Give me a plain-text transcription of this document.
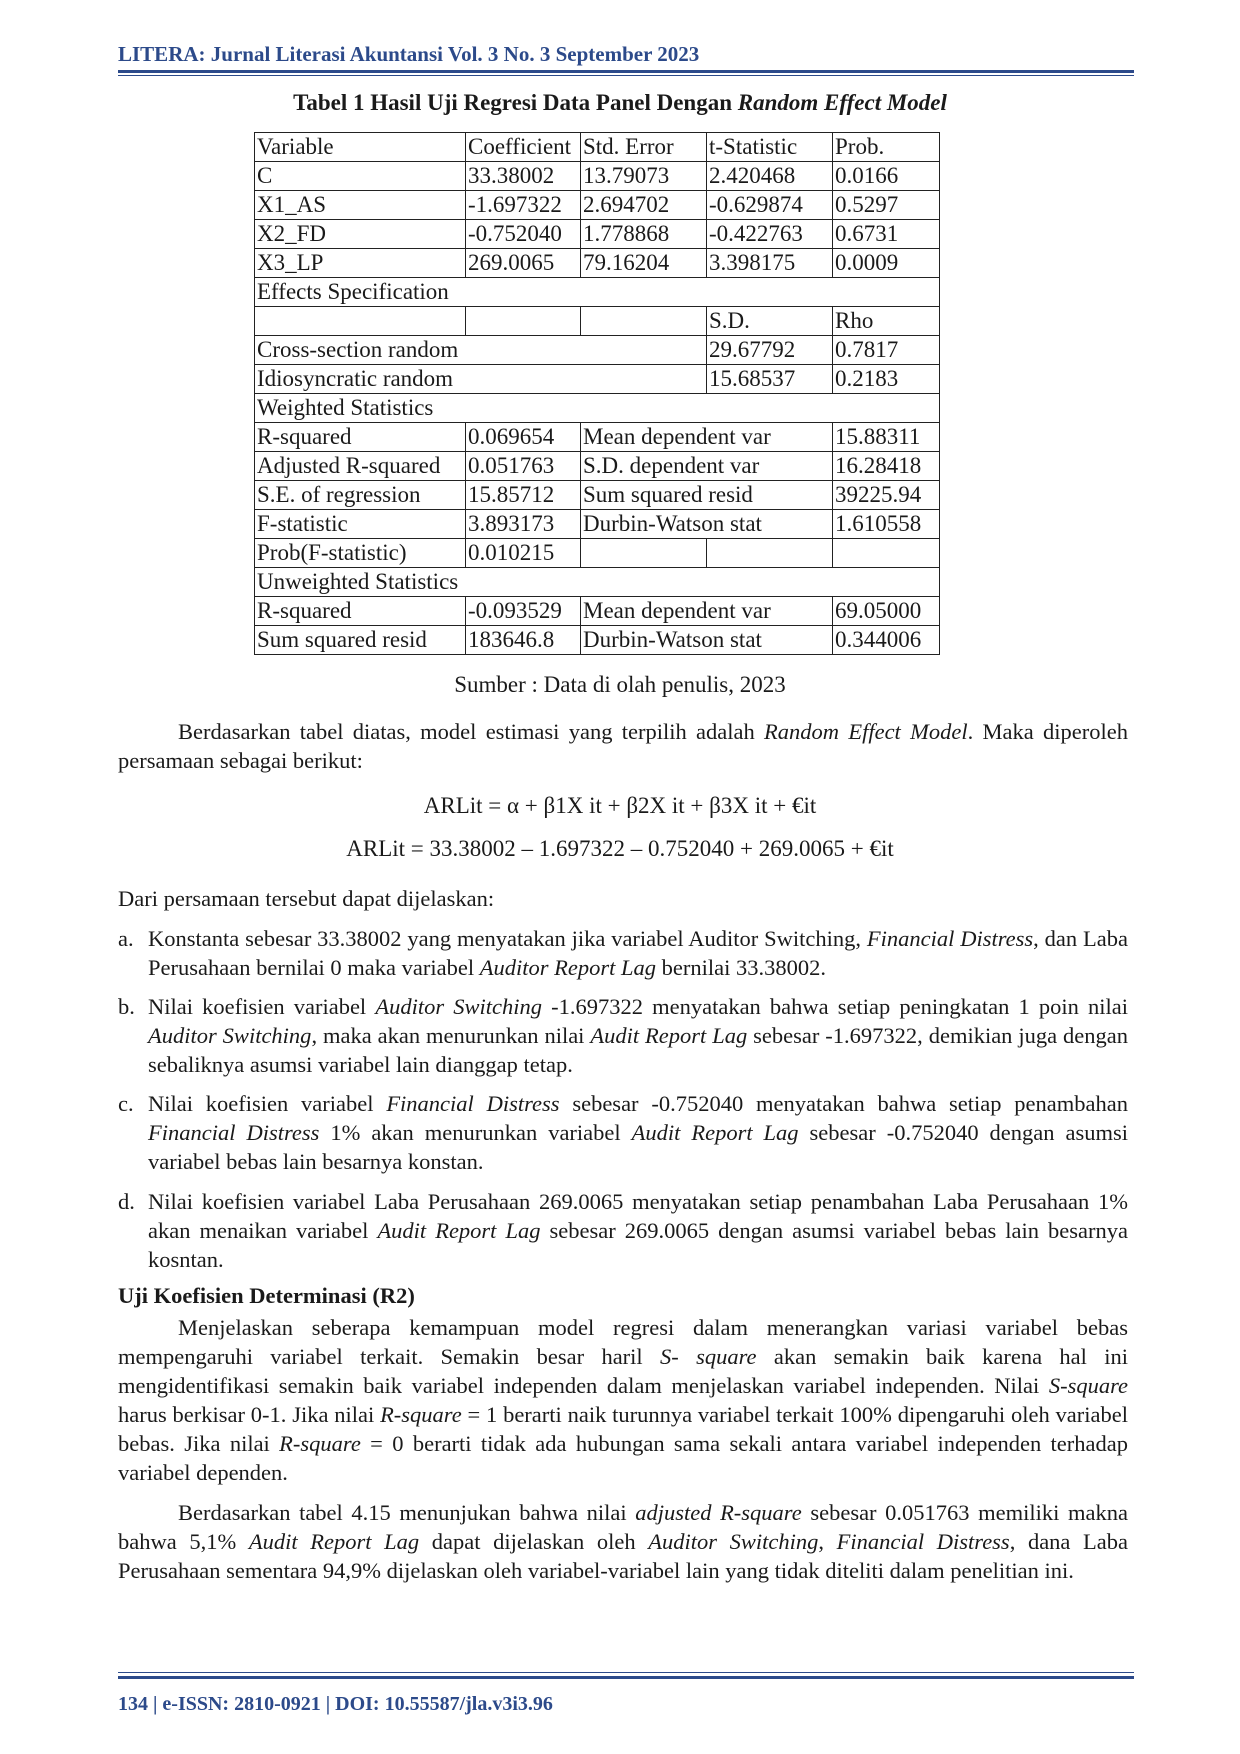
LITERA: Jurnal Literasi Akuntansi Vol. 3 No. 3 September 2023
Tabel 1 Hasil Uji Regresi Data Panel Dengan Random Effect Model
Variable	Coefficient	Std. Error	t-Statistic	Prob.
C	33.38002	13.79073	2.420468	0.0166
X1_AS	-1.697322	2.694702	-0.629874	0.5297
X2_FD	-0.752040	1.778868	-0.422763	0.6731
X3_LP	269.0065	79.16204	3.398175	0.0009
Effects Specification				
			S.D.	Rho
Cross-section random			29.67792	0.7817
Idiosyncratic random			15.68537	0.2183
Weighted Statistics				
R-squared	0.069654	Mean dependent var		15.88311
Adjusted R-squared	0.051763	S.D. dependent var		16.28418
S.E. of regression	15.85712	Sum squared resid		39225.94
F-statistic	3.893173	Durbin-Watson stat		1.610558
Prob(F-statistic)	0.010215			
Unweighted Statistics				
R-squared	-0.093529	Mean dependent var		69.05000
Sum squared resid	183646.8	Durbin-Watson stat		0.344006
Sumber : Data di olah penulis, 2023
Berdasarkan tabel diatas, model estimasi yang terpilih adalah Random Effect Model. Maka diperoleh persamaan sebagai berikut:
ARLit = α + β1X it + β2X it + β3X it + €it
ARLit = 33.38002 – 1.697322 – 0.752040 + 269.0065 + €it
Dari persamaan tersebut dapat dijelaskan:
a. Konstanta sebesar 33.38002 yang menyatakan jika variabel Auditor Switching, Financial Distress, dan Laba Perusahaan bernilai 0 maka variabel Auditor Report Lag bernilai 33.38002.
b. Nilai koefisien variabel Auditor Switching -1.697322 menyatakan bahwa setiap peningkatan 1 poin nilai Auditor Switching, maka akan menurunkan nilai Audit Report Lag sebesar -1.697322, demikian juga dengan sebaliknya asumsi variabel lain dianggap tetap.
c. Nilai koefisien variabel Financial Distress sebesar -0.752040 menyatakan bahwa setiap penambahan Financial Distress 1% akan menurunkan variabel Audit Report Lag sebesar -0.752040 dengan asumsi variabel bebas lain besarnya konstan.
d. Nilai koefisien variabel Laba Perusahaan 269.0065 menyatakan setiap penambahan Laba Perusahaan 1% akan menaikan variabel Audit Report Lag sebesar 269.0065 dengan asumsi variabel bebas lain besarnya kosntan.
Uji Koefisien Determinasi (R2)
Menjelaskan seberapa kemampuan model regresi dalam menerangkan variasi variabel bebas mempengaruhi variabel terkait. Semakin besar haril S- square akan semakin baik karena hal ini mengidentifikasi semakin baik variabel independen dalam menjelaskan variabel independen. Nilai S-square harus berkisar 0-1. Jika nilai R-square = 1 berarti naik turunnya variabel terkait 100% dipengaruhi oleh variabel bebas. Jika nilai R-square = 0 berarti tidak ada hubungan sama sekali antara variabel independen terhadap variabel dependen.
Berdasarkan tabel 4.15 menunjukan bahwa nilai adjusted R-square sebesar 0.051763 memiliki makna bahwa 5,1% Audit Report Lag dapat dijelaskan oleh Auditor Switching, Financial Distress, dana Laba Perusahaan sementara 94,9% dijelaskan oleh variabel-variabel lain yang tidak diteliti dalam penelitian ini.
134 | e-ISSN: 2810-0921 | DOI: 10.55587/jla.v3i3.96
